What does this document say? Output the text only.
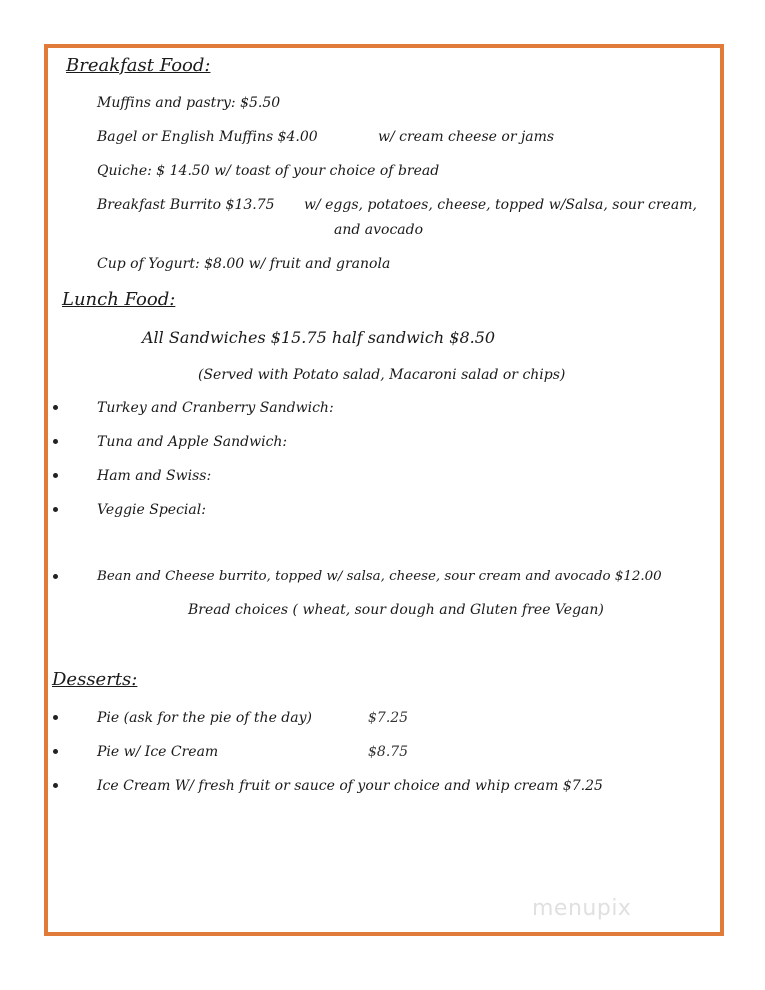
Breakfast Food:
Muffins and pastry: $5.50
Bagel or English Muffins $4.00	w/ cream cheese or jams
Quiche: $ 14.50 w/ toast of your choice of bread
Breakfast Burrito $13.75 w/ eggs, potatoes, cheese, topped w/Salsa, sour cream,
and avocado
Cup of Yogurt: $8.00 w/ fruit and granola
Lunch Food:
All Sandwiches $15.75 half sandwich $8.50
(Served with Potato salad, Macaroni salad or chips)
Turkey and Cranberry Sandwich:
Tuna and Apple Sandwich:
Ham and Swiss:
Veggie Special:
Bean and Cheese burrito, topped w/ salsa, cheese, sour cream and avocado $12.00
Bread choices ( wheat, sour dough and Gluten free Vegan)
Desserts:
Pie (ask for the pie of the day)	$7.25
Pie w/ Ice Cream	$8.75
Ice Cream W/ fresh fruit or sauce of your choice and whip cream $7.25
menupix
